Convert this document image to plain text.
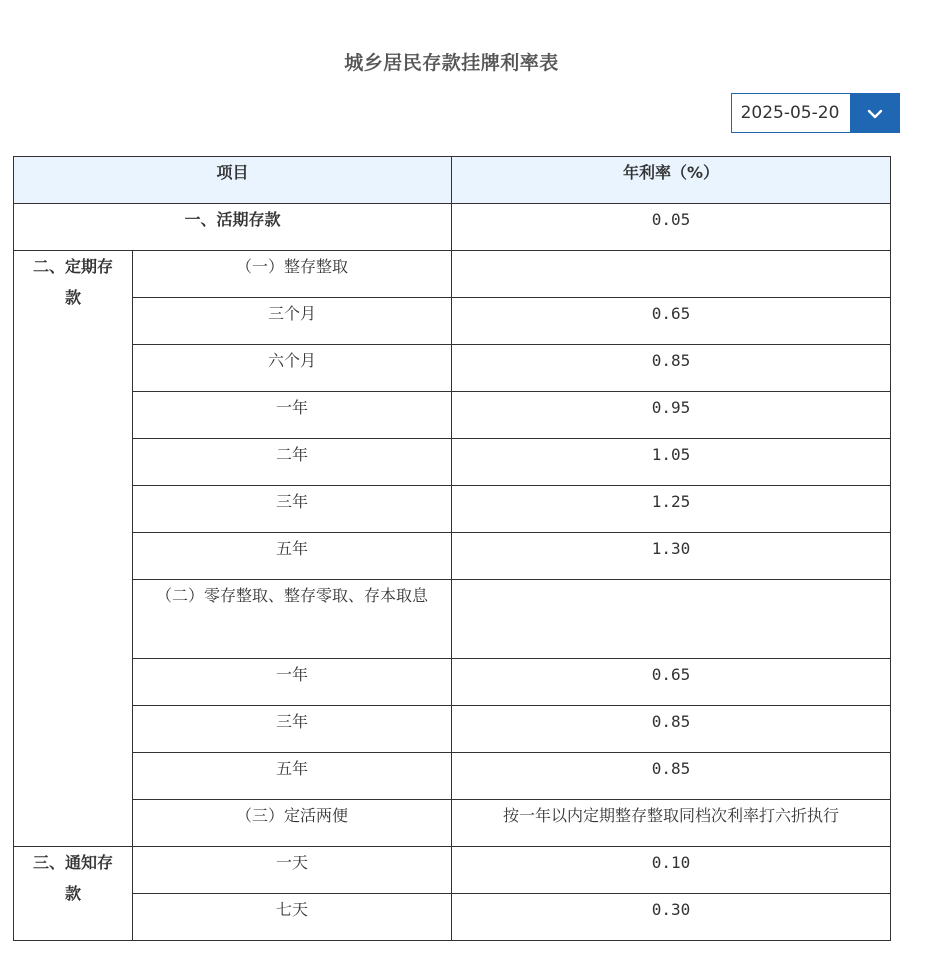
城乡居民存款挂牌利率表
2025-05-20
项目		年利率（%）
一、活期存款		0.05
二、定期存
款	（一）整存整取	
	三个月	0.65
	六个月	0.85
	一年	0.95
	二年	1.05
	三年	1.25
	五年	1.30
	（二）零存整取、整存零取、存本取息	
	一年	0.65
	三年	0.85
	五年	0.85
	（三）定活两便	按一年以内定期整存整取同档次利率打六折执行
三、通知存
款	一天	0.10
	七天	0.30
